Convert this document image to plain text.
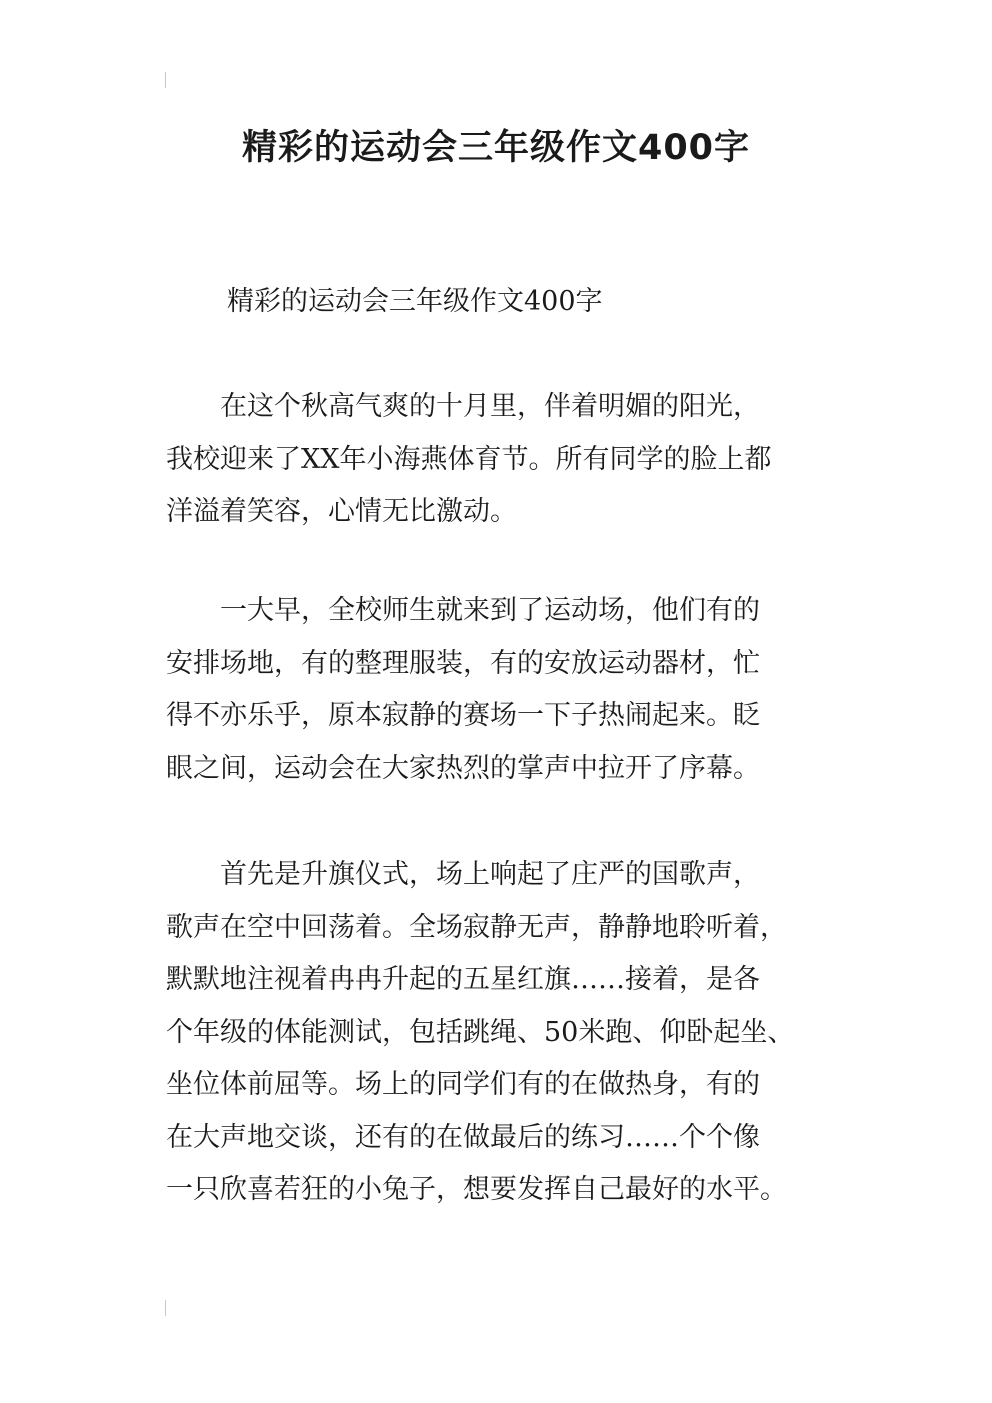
精彩的运动会三年级作文400字

精彩的运动会三年级作文400字

　　在这个秋高气爽的十月里，伴着明媚的阳光，
我校迎来了XX年小海燕体育节。所有同学的脸上都
洋溢着笑容，心情无比激动。

　　一大早，全校师生就来到了运动场，他们有的
安排场地，有的整理服装，有的安放运动器材，忙
得不亦乐乎，原本寂静的赛场一下子热闹起来。眨
眼之间，运动会在大家热烈的掌声中拉开了序幕。

　　首先是升旗仪式，场上响起了庄严的国歌声，
歌声在空中回荡着。全场寂静无声，静静地聆听着，
默默地注视着冉冉升起的五星红旗……接着，是各
个年级的体能测试，包括跳绳、50米跑、仰卧起坐、
坐位体前屈等。场上的同学们有的在做热身，有的
在大声地交谈，还有的在做最后的练习……个个像
一只欣喜若狂的小兔子，想要发挥自己最好的水平。
